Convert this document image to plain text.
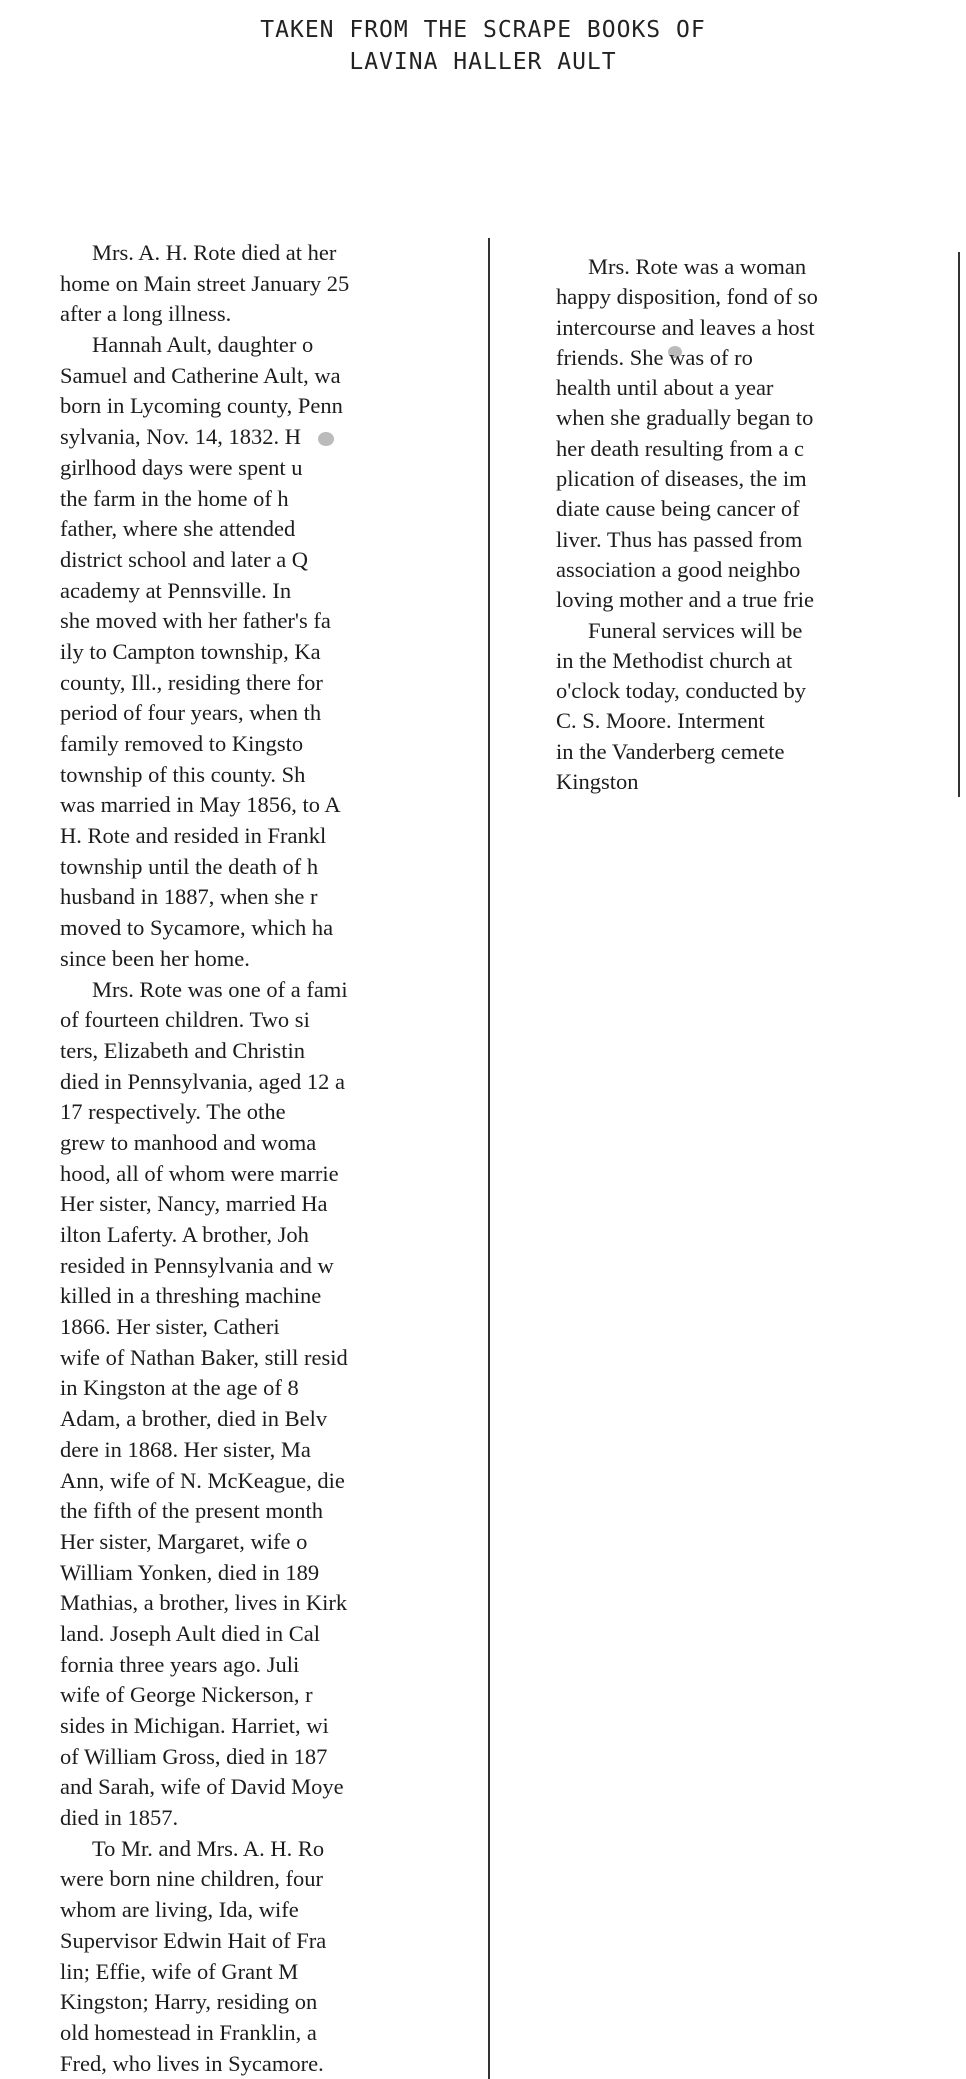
TAKEN FROM THE SCRAPE BOOKS OF
LAVINA HALLER AULT
Mrs. A. H. Rote died at her
home on Main street January 25
after a long illness.
Hannah Ault, daughter o
Samuel and Catherine Ault, wa
born in Lycoming county, Penn
sylvania, Nov. 14, 1832. H
girlhood days were spent u
the farm in the home of h
father, where she attended
district school and later a Q
academy at Pennsville. In
she moved with her father's fa
ily to Campton township, Ka
county, Ill., residing there for
period of four years, when th
family removed to Kingsto
township of this county. Sh
was married in May 1856, to A
H. Rote and resided in Frankl
township until the death of h
husband in 1887, when she r
moved to Sycamore, which ha
since been her home.
Mrs. Rote was one of a fami
of fourteen children. Two si
ters, Elizabeth and Christin
died in Pennsylvania, aged 12 a
17 respectively. The othe
grew to manhood and woma
hood, all of whom were marrie
Her sister, Nancy, married Ha
ilton Laferty. A brother, Joh
resided in Pennsylvania and w
killed in a threshing machine
1866. Her sister, Catheri
wife of Nathan Baker, still resid
in Kingston at the age of 8
Adam, a brother, died in Belv
dere in 1868. Her sister, Ma
Ann, wife of N. McKeague, die
the fifth of the present month
Her sister, Margaret, wife o
William Yonken, died in 189
Mathias, a brother, lives in Kirk
land. Joseph Ault died in Cal
fornia three years ago. Juli
wife of George Nickerson, r
sides in Michigan. Harriet, wi
of William Gross, died in 187
and Sarah, wife of David Moye
died in 1857.
To Mr. and Mrs. A. H. Ro
were born nine children, four
whom are living, Ida, wife
Supervisor Edwin Hait of Fra
lin; Effie, wife of Grant M
Kingston; Harry, residing on
old homestead in Franklin, a
Fred, who lives in Sycamore.
Mrs. Rote was a woman
happy disposition, fond of so
intercourse and leaves a host
friends. She was of ro
health until about a year
when she gradually began to
her death resulting from a c
plication of diseases, the im
diate cause being cancer of
liver. Thus has passed from
association a good neighbo
loving mother and a true frie
Funeral services will be
in the Methodist church at
o'clock today, conducted by
C. S. Moore. Interment
in the Vanderberg cemete
Kingston
